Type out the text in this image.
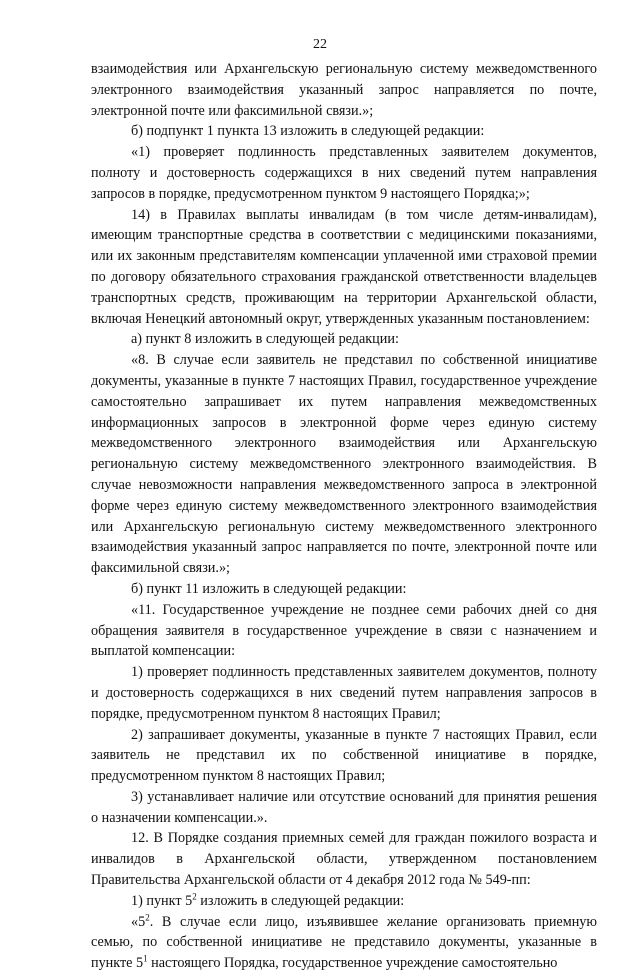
22

взаимодействия или Архангельскую региональную систему межведомственного электронного взаимодействия указанный запрос направляется по почте, электронной почте или факсимильной связи.»;

б) подпункт 1 пункта 13 изложить в следующей редакции:

«1) проверяет подлинность представленных заявителем документов, полноту и достоверность содержащихся в них сведений путем направления запросов в порядке, предусмотренном пунктом 9 настоящего Порядка;»;

14) в Правилах выплаты инвалидам (в том числе детям-инвалидам), имеющим транспортные средства в соответствии с медицинскими показаниями, или их законным представителям компенсации уплаченной ими страховой премии по договору обязательного страхования гражданской ответственности владельцев транспортных средств, проживающим на территории Архангельской области, включая Ненецкий автономный округ, утвержденных указанным постановлением:

а) пункт 8 изложить в следующей редакции:

«8. В случае если заявитель не представил по собственной инициативе документы, указанные в пункте 7 настоящих Правил, государственное учреждение самостоятельно запрашивает их путем направления межведомственных информационных запросов в электронной форме через единую систему межведомственного электронного взаимодействия или Архангельскую региональную систему межведомственного электронного взаимодействия. В случае невозможности направления межведомственного запроса в электронной форме через единую систему межведомственного электронного взаимодействия или Архангельскую региональную систему межведомственного электронного взаимодействия указанный запрос направляется по почте, электронной почте или факсимильной связи.»;

б) пункт 11 изложить в следующей редакции:

«11. Государственное учреждение не позднее семи рабочих дней со дня обращения заявителя в государственное учреждение в связи с назначением и выплатой компенсации:

1) проверяет подлинность представленных заявителем документов, полноту и достоверность содержащихся в них сведений путем направления запросов в порядке, предусмотренном пунктом 8 настоящих Правил;

2) запрашивает документы, указанные в пункте 7 настоящих Правил, если заявитель не представил их по собственной инициативе в порядке, предусмотренном пунктом 8 настоящих Правил;

3) устанавливает наличие или отсутствие оснований для принятия решения о назначении компенсации.».

12. В Порядке создания приемных семей для граждан пожилого возраста и инвалидов в Архангельской области, утвержденном постановлением Правительства Архангельской области от 4 декабря 2012 года № 549-пп:

1) пункт $5^2$ изложить в следующей редакции:

«$5^2$. В случае если лицо, изъявившее желание организовать приемную семью, по собственной инициативе не представило документы, указанные в пункте $5^1$ настоящего Порядка, государственное учреждение самостоятельно
